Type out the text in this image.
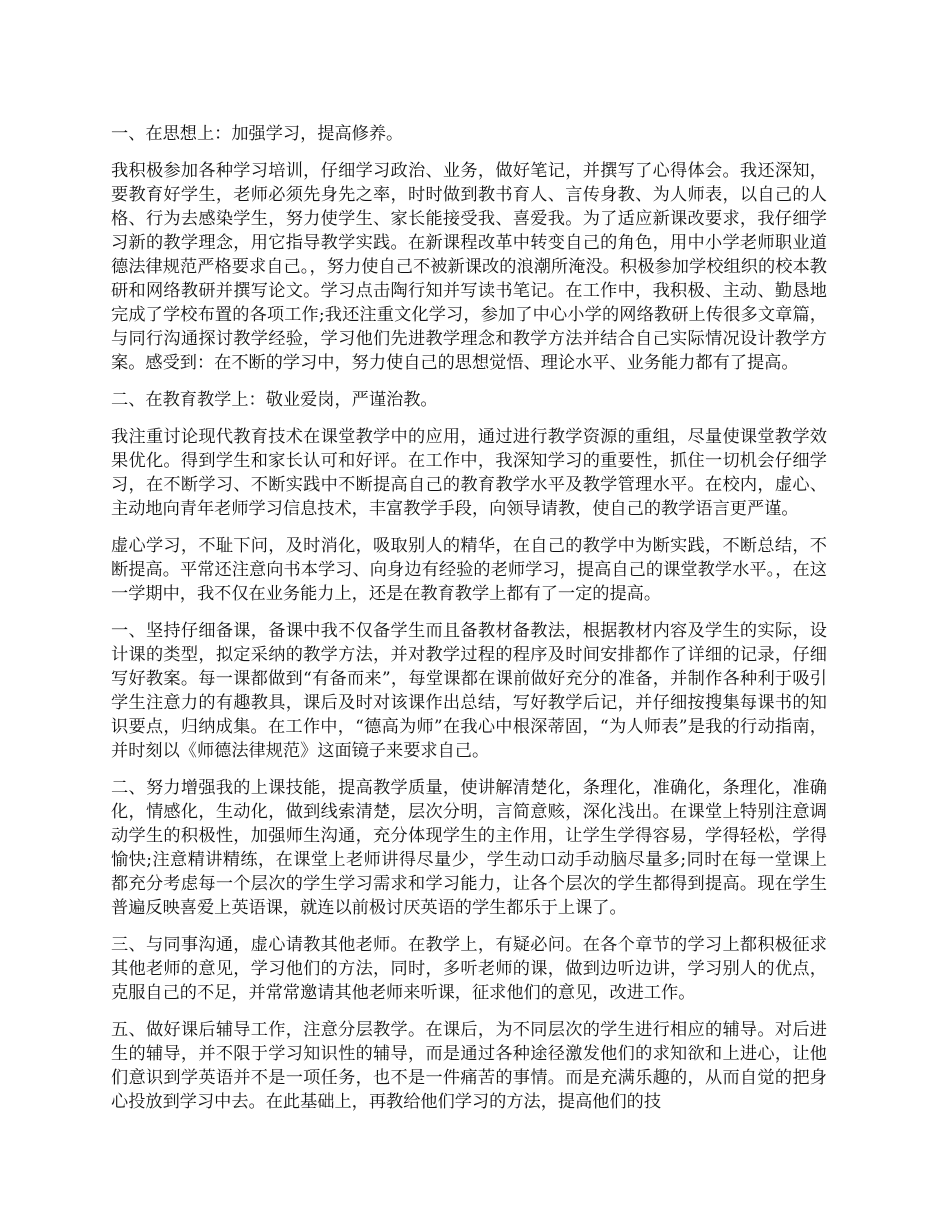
一、在思想上：加强学习，提高修养。

我积极参加各种学习培训，仔细学习政治、业务，做好笔记，并撰写了心得体会。我还深知，要教育好学生，老师必须先身先之率，时时做到教书育人、言传身教、为人师表，以自己的人格、行为去感染学生，努力使学生、家长能接受我、喜爱我。为了适应新课改要求，我仔细学习新的教学理念，用它指导教学实践。在新课程改革中转变自己的角色，用中小学老师职业道德法律规范严格要求自己。，努力使自己不被新课改的浪潮所淹没。积极参加学校组织的校本教研和网络教研并撰写论文。学习点击陶行知并写读书笔记。在工作中，我积极、主动、勤恳地完成了学校布置的各项工作;我还注重文化学习，参加了中心小学的网络教研上传很多文章篇，与同行沟通探讨教学经验，学习他们先进教学理念和教学方法并结合自己实际情况设计教学方案。感受到：在不断的学习中，努力使自己的思想觉悟、理论水平、业务能力都有了提高。

二、在教育教学上：敬业爱岗，严谨治教。

我注重讨论现代教育技术在课堂教学中的应用，通过进行教学资源的重组，尽量使课堂教学效果优化。得到学生和家长认可和好评。在工作中，我深知学习的重要性，抓住一切机会仔细学习，在不断学习、不断实践中不断提高自己的教育教学水平及教学管理水平。在校内，虚心、主动地向青年老师学习信息技术，丰富教学手段，向领导请教，使自己的教学语言更严谨。

虚心学习，不耻下问，及时消化，吸取别人的精华，在自己的教学中为断实践，不断总结，不断提高。平常还注意向书本学习、向身边有经验的老师学习，提高自己的课堂教学水平。，在这一学期中，我不仅在业务能力上，还是在教育教学上都有了一定的提高。

一、坚持仔细备课，备课中我不仅备学生而且备教材备教法，根据教材内容及学生的实际，设计课的类型，拟定采纳的教学方法，并对教学过程的程序及时间安排都作了详细的记录，仔细写好教案。每一课都做到“有备而来”，每堂课都在课前做好充分的准备，并制作各种利于吸引学生注意力的有趣教具，课后及时对该课作出总结，写好教学后记，并仔细按搜集每课书的知识要点，归纳成集。在工作中，“德高为师”在我心中根深蒂固，“为人师表”是我的行动指南，并时刻以《师德法律规范》这面镜子来要求自己。

二、努力增强我的上课技能，提高教学质量，使讲解清楚化，条理化，准确化，条理化，准确化，情感化，生动化，做到线索清楚，层次分明，言简意赅，深化浅出。在课堂上特别注意调动学生的积极性，加强师生沟通，充分体现学生的主作用，让学生学得容易，学得轻松，学得愉快;注意精讲精练，在课堂上老师讲得尽量少，学生动口动手动脑尽量多;同时在每一堂课上都充分考虑每一个层次的学生学习需求和学习能力，让各个层次的学生都得到提高。现在学生普遍反映喜爱上英语课，就连以前极讨厌英语的学生都乐于上课了。

三、与同事沟通，虚心请教其他老师。在教学上，有疑必问。在各个章节的学习上都积极征求其他老师的意见，学习他们的方法，同时，多听老师的课，做到边听边讲，学习别人的优点，克服自己的不足，并常常邀请其他老师来听课，征求他们的意见，改进工作。

五、做好课后辅导工作，注意分层教学。在课后，为不同层次的学生进行相应的辅导。对后进生的辅导，并不限于学习知识性的辅导，而是通过各种途径激发他们的求知欲和上进心，让他们意识到学英语并不是一项任务，也不是一件痛苦的事情。而是充满乐趣的，从而自觉的把身心投放到学习中去。在此基础上，再教给他们学习的方法，提高他们的技
